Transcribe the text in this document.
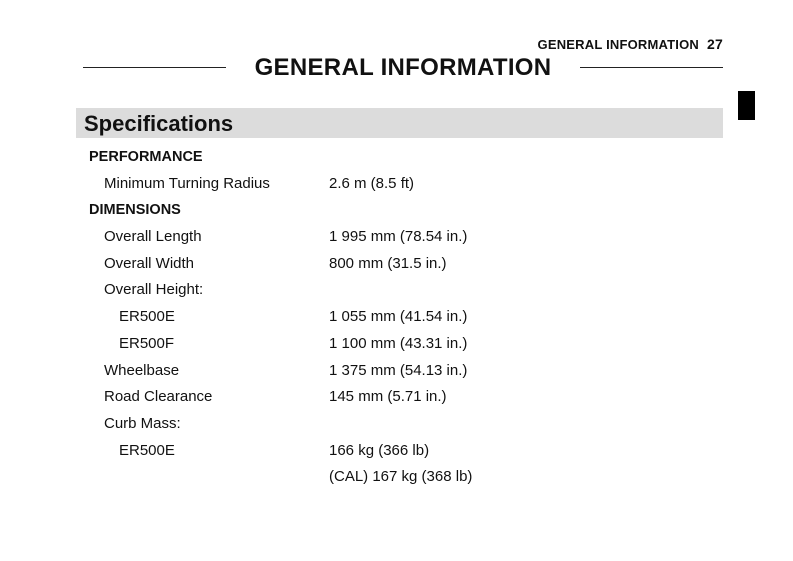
GENERAL INFORMATION 27
GENERAL INFORMATION
Specifications
PERFORMANCE
Minimum Turning Radius	2.6 m (8.5 ft)
DIMENSIONS
Overall Length	1 995 mm (78.54 in.)
Overall Width	800 mm (31.5 in.)
Overall Height:
ER500E	1 055 mm (41.54 in.)
ER500F	1 100 mm (43.31 in.)
Wheelbase	1 375 mm (54.13 in.)
Road Clearance	145 mm (5.71 in.)
Curb Mass:
ER500E	166 kg (366 lb)
(CAL) 167 kg (368 lb)
